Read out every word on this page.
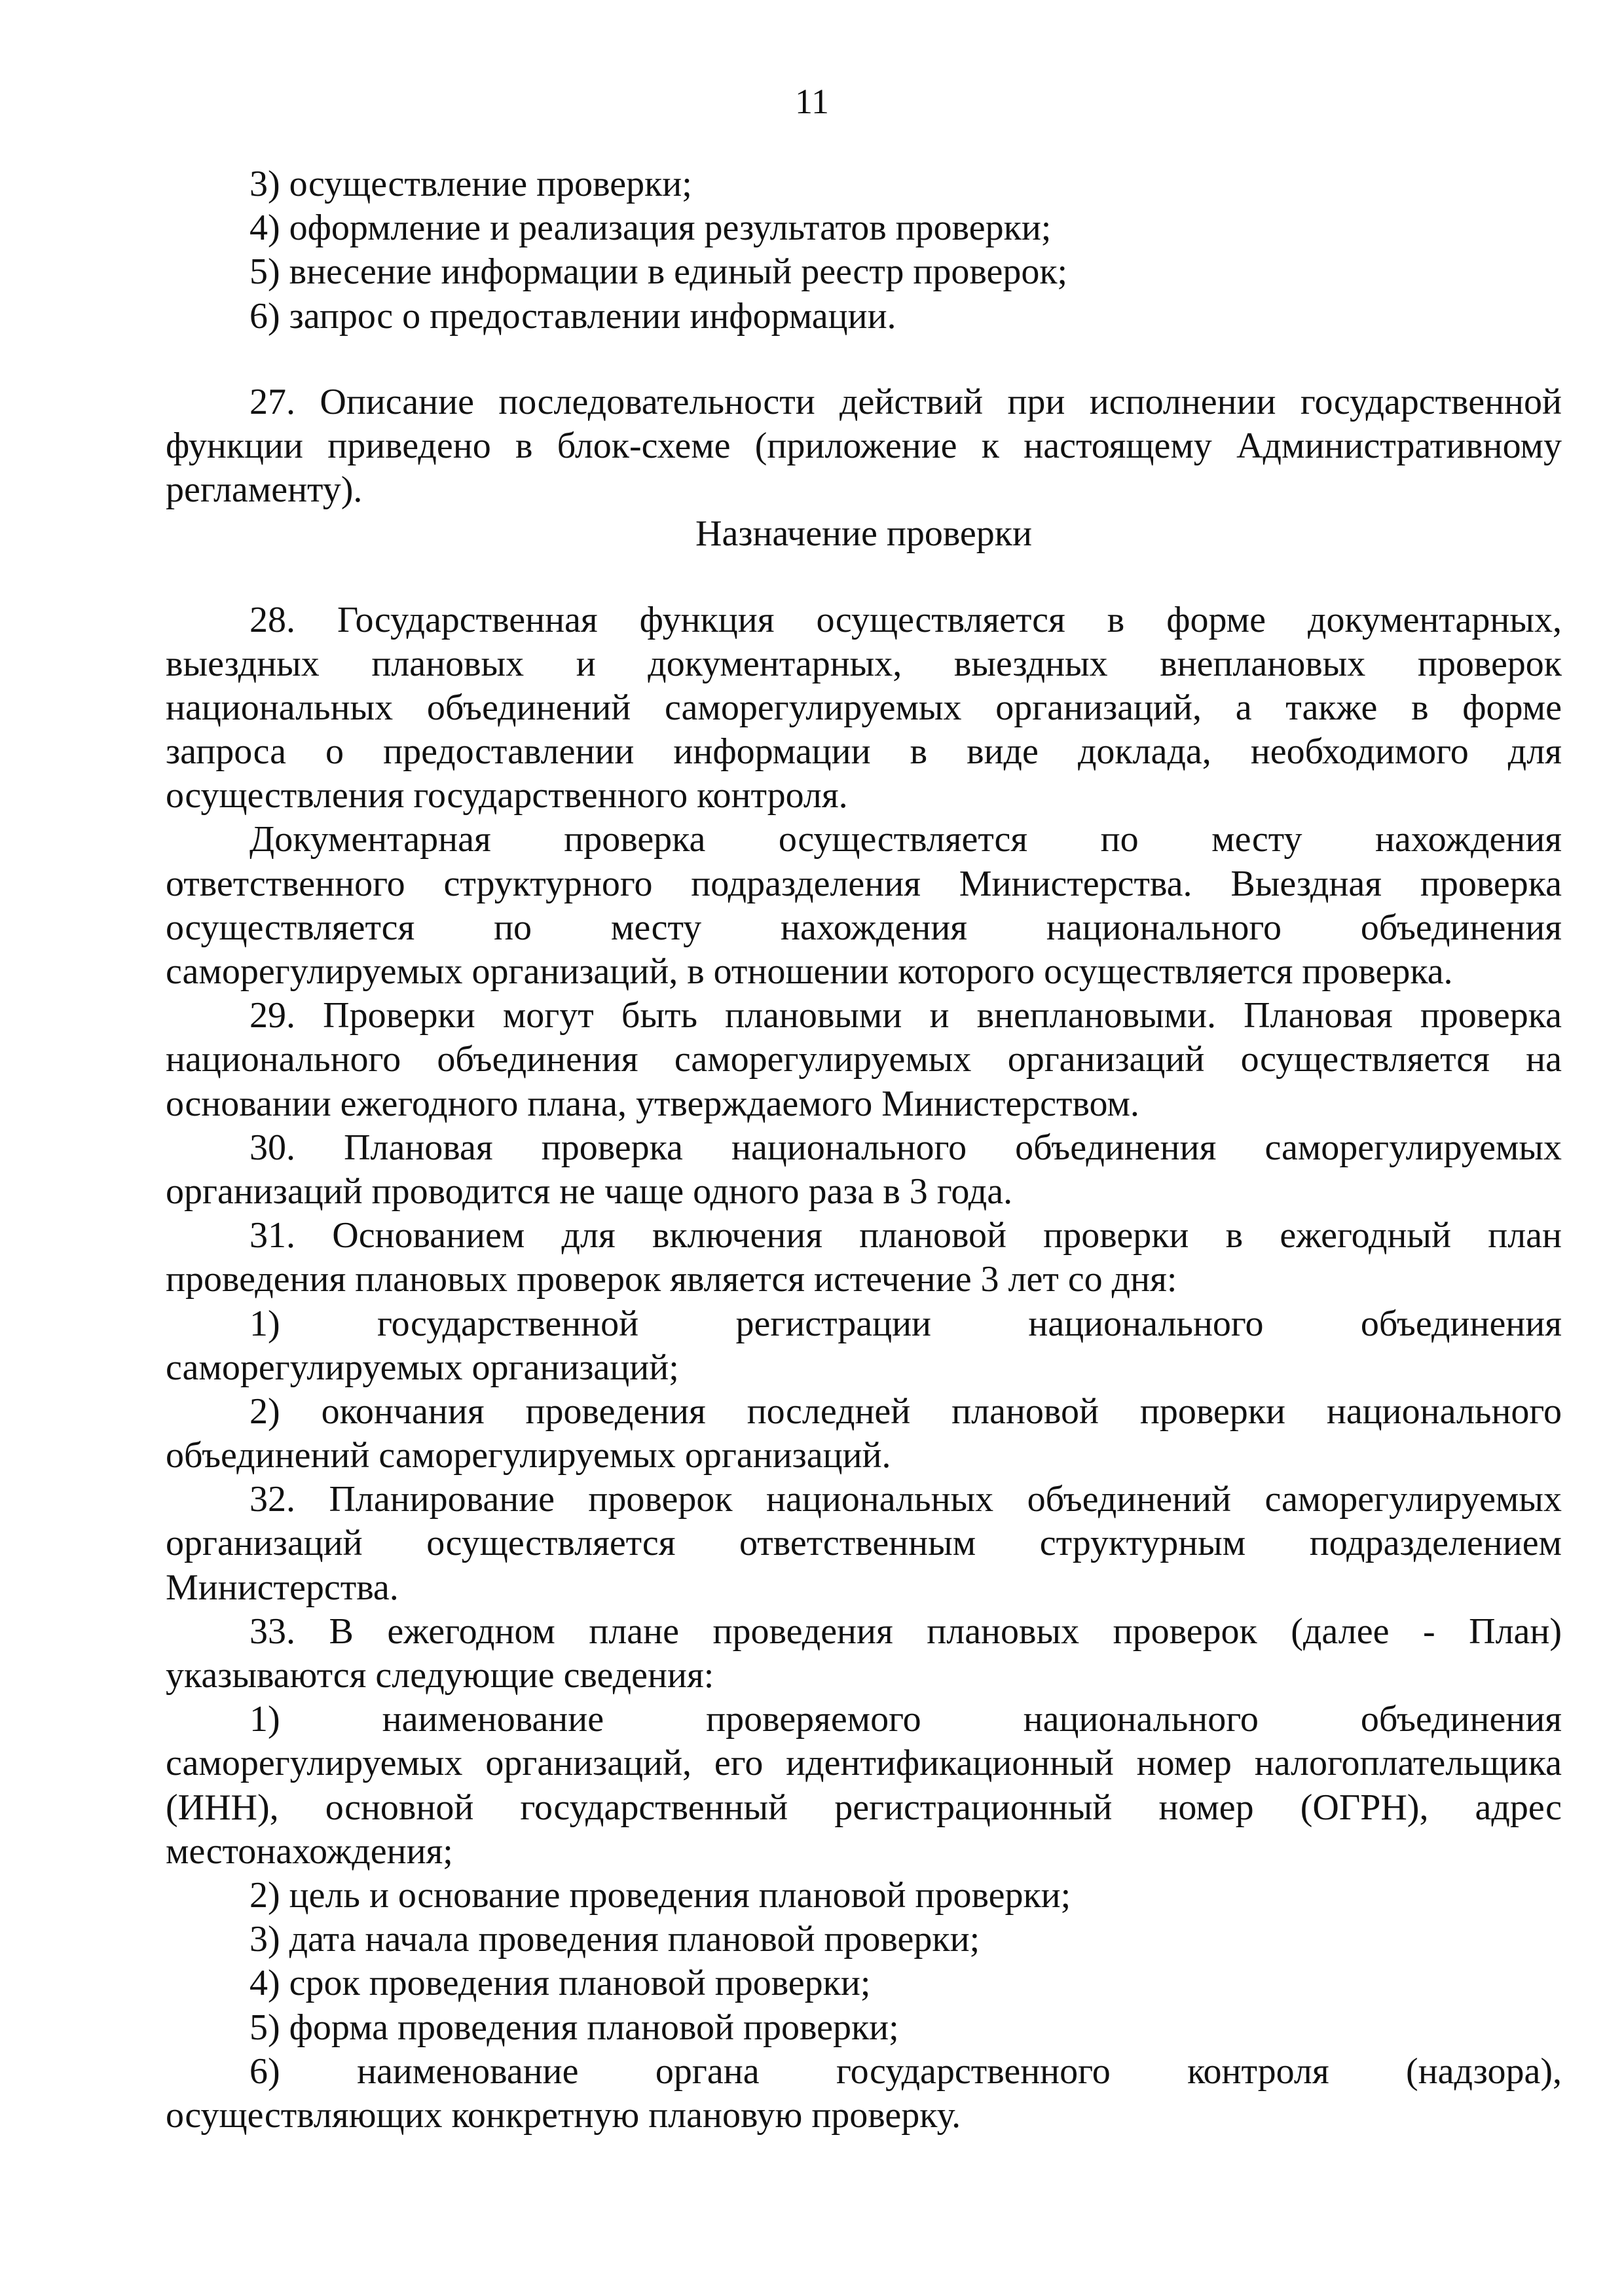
11
3) осуществление проверки;
4) оформление и реализация результатов проверки;
5) внесение информации в единый реестр проверок;
6) запрос о предоставлении информации.
27. Описание последовательности действий при исполнении государственной
функции приведено в блок-схеме (приложение к настоящему Административному
регламенту).
Назначение проверки
28. Государственная функция осуществляется в форме документарных,
выездных плановых и документарных, выездных внеплановых проверок
национальных объединений саморегулируемых организаций, а также в форме
запроса о предоставлении информации в виде доклада, необходимого для
осуществления государственного контроля.
Документарная проверка осуществляется по месту нахождения
ответственного структурного подразделения Министерства. Выездная проверка
осуществляется по месту нахождения национального объединения
саморегулируемых организаций, в отношении которого осуществляется проверка.
29. Проверки могут быть плановыми и внеплановыми. Плановая проверка
национального объединения саморегулируемых организаций осуществляется на
основании ежегодного плана, утверждаемого Министерством.
30. Плановая проверка национального объединения саморегулируемых
организаций проводится не чаще одного раза в 3 года.
31. Основанием для включения плановой проверки в ежегодный план
проведения плановых проверок является истечение 3 лет со дня:
1) государственной регистрации национального объединения
саморегулируемых организаций;
2) окончания проведения последней плановой проверки национального
объединений саморегулируемых организаций.
32. Планирование проверок национальных объединений саморегулируемых
организаций осуществляется ответственным структурным подразделением
Министерства.
33. В ежегодном плане проведения плановых проверок (далее - План)
указываются следующие сведения:
1) наименование проверяемого национального объединения
саморегулируемых организаций, его идентификационный номер налогоплательщика
(ИНН), основной государственный регистрационный номер (ОГРН), адрес
местонахождения;
2) цель и основание проведения плановой проверки;
3) дата начала проведения плановой проверки;
4) срок проведения плановой проверки;
5) форма проведения плановой проверки;
6) наименование органа государственного контроля (надзора),
осуществляющих конкретную плановую проверку.
